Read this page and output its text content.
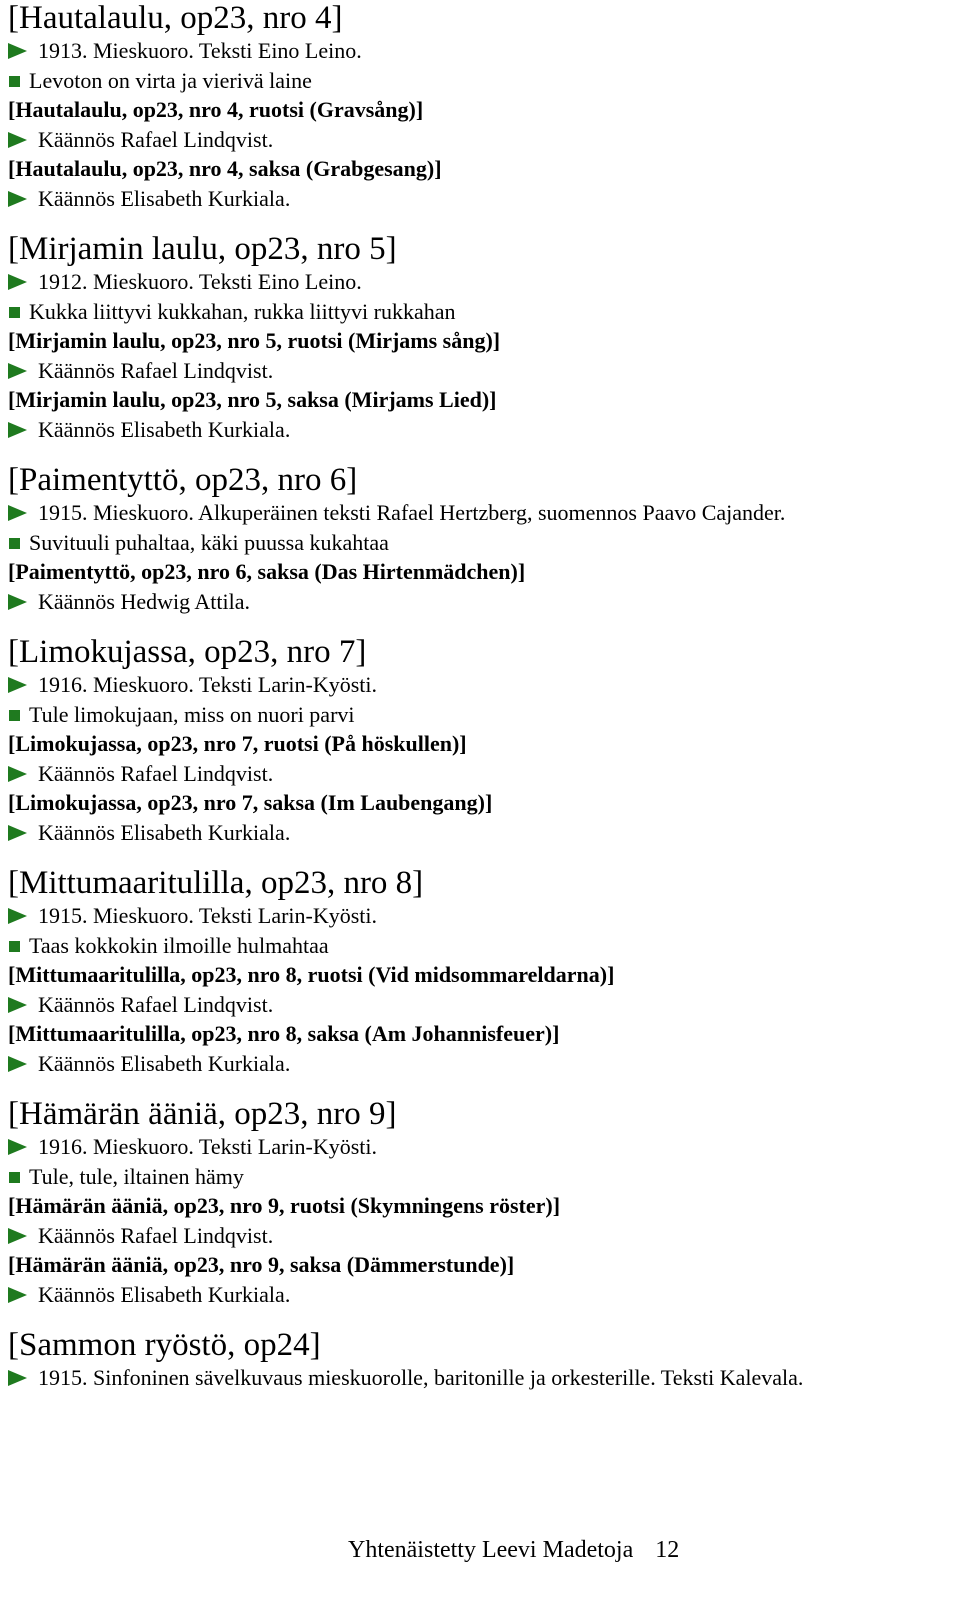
[Hautalaulu, op23, nro 4]
1913. Mieskuoro. Teksti Eino Leino.
Levoton on virta ja vierivä laine
[Hautalaulu, op23, nro 4, ruotsi (Gravsång)]
Käännös Rafael Lindqvist.
[Hautalaulu, op23, nro 4, saksa (Grabgesang)]
Käännös Elisabeth Kurkiala.
[Mirjamin laulu, op23, nro 5]
1912. Mieskuoro. Teksti Eino Leino.
Kukka liittyvi kukkahan, rukka liittyvi rukkahan
[Mirjamin laulu, op23, nro 5, ruotsi (Mirjams sång)]
Käännös Rafael Lindqvist.
[Mirjamin laulu, op23, nro 5, saksa (Mirjams Lied)]
Käännös Elisabeth Kurkiala.
[Paimentyttö, op23, nro 6]
1915. Mieskuoro. Alkuperäinen teksti Rafael Hertzberg, suomennos Paavo Cajander.
Suvituuli puhaltaa, käki puussa kukahtaa
[Paimentyttö, op23, nro 6, saksa (Das Hirtenmädchen)]
Käännös Hedwig Attila.
[Limokujassa, op23, nro 7]
1916. Mieskuoro. Teksti Larin-Kyösti.
Tule limokujaan, miss on nuori parvi
[Limokujassa, op23, nro 7, ruotsi (På höskullen)]
Käännös Rafael Lindqvist.
[Limokujassa, op23, nro 7, saksa (Im Laubengang)]
Käännös Elisabeth Kurkiala.
[Mittumaaritulilla, op23, nro 8]
1915. Mieskuoro. Teksti Larin-Kyösti.
Taas kokkokin ilmoille hulmahtaa
[Mittumaaritulilla, op23, nro 8, ruotsi (Vid midsommareldarna)]
Käännös Rafael Lindqvist.
[Mittumaaritulilla, op23, nro 8, saksa (Am Johannisfeuer)]
Käännös Elisabeth Kurkiala.
[Hämärän ääniä, op23, nro 9]
1916. Mieskuoro. Teksti Larin-Kyösti.
Tule, tule, iltainen hämy
[Hämärän ääniä, op23, nro 9, ruotsi (Skymningens röster)]
Käännös Rafael Lindqvist.
[Hämärän ääniä, op23, nro 9, saksa (Dämmerstunde)]
Käännös Elisabeth Kurkiala.
[Sammon ryöstö, op24]
1915. Sinfoninen sävelkuvaus mieskuorolle, baritonille ja orkesterille. Teksti Kalevala.
Yhtenäistetty Leevi Madetoja 12
